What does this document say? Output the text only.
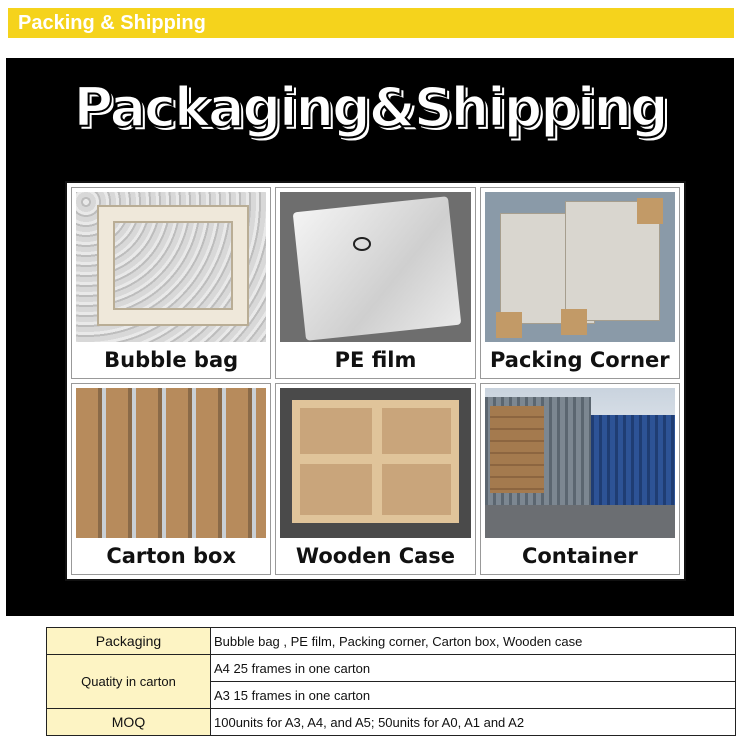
Packing & Shipping
Packaging&Shipping
Bubble bag	PE film	Packing Corner
Carton box	Wooden Case	Container
Packaging	Bubble bag , PE film, Packing corner, Carton box, Wooden case
Quatity in carton	A4 25 frames in one carton
	A3 15 frames in one carton
MOQ	100units for A3, A4, and A5; 50units for A0, A1 and A2
